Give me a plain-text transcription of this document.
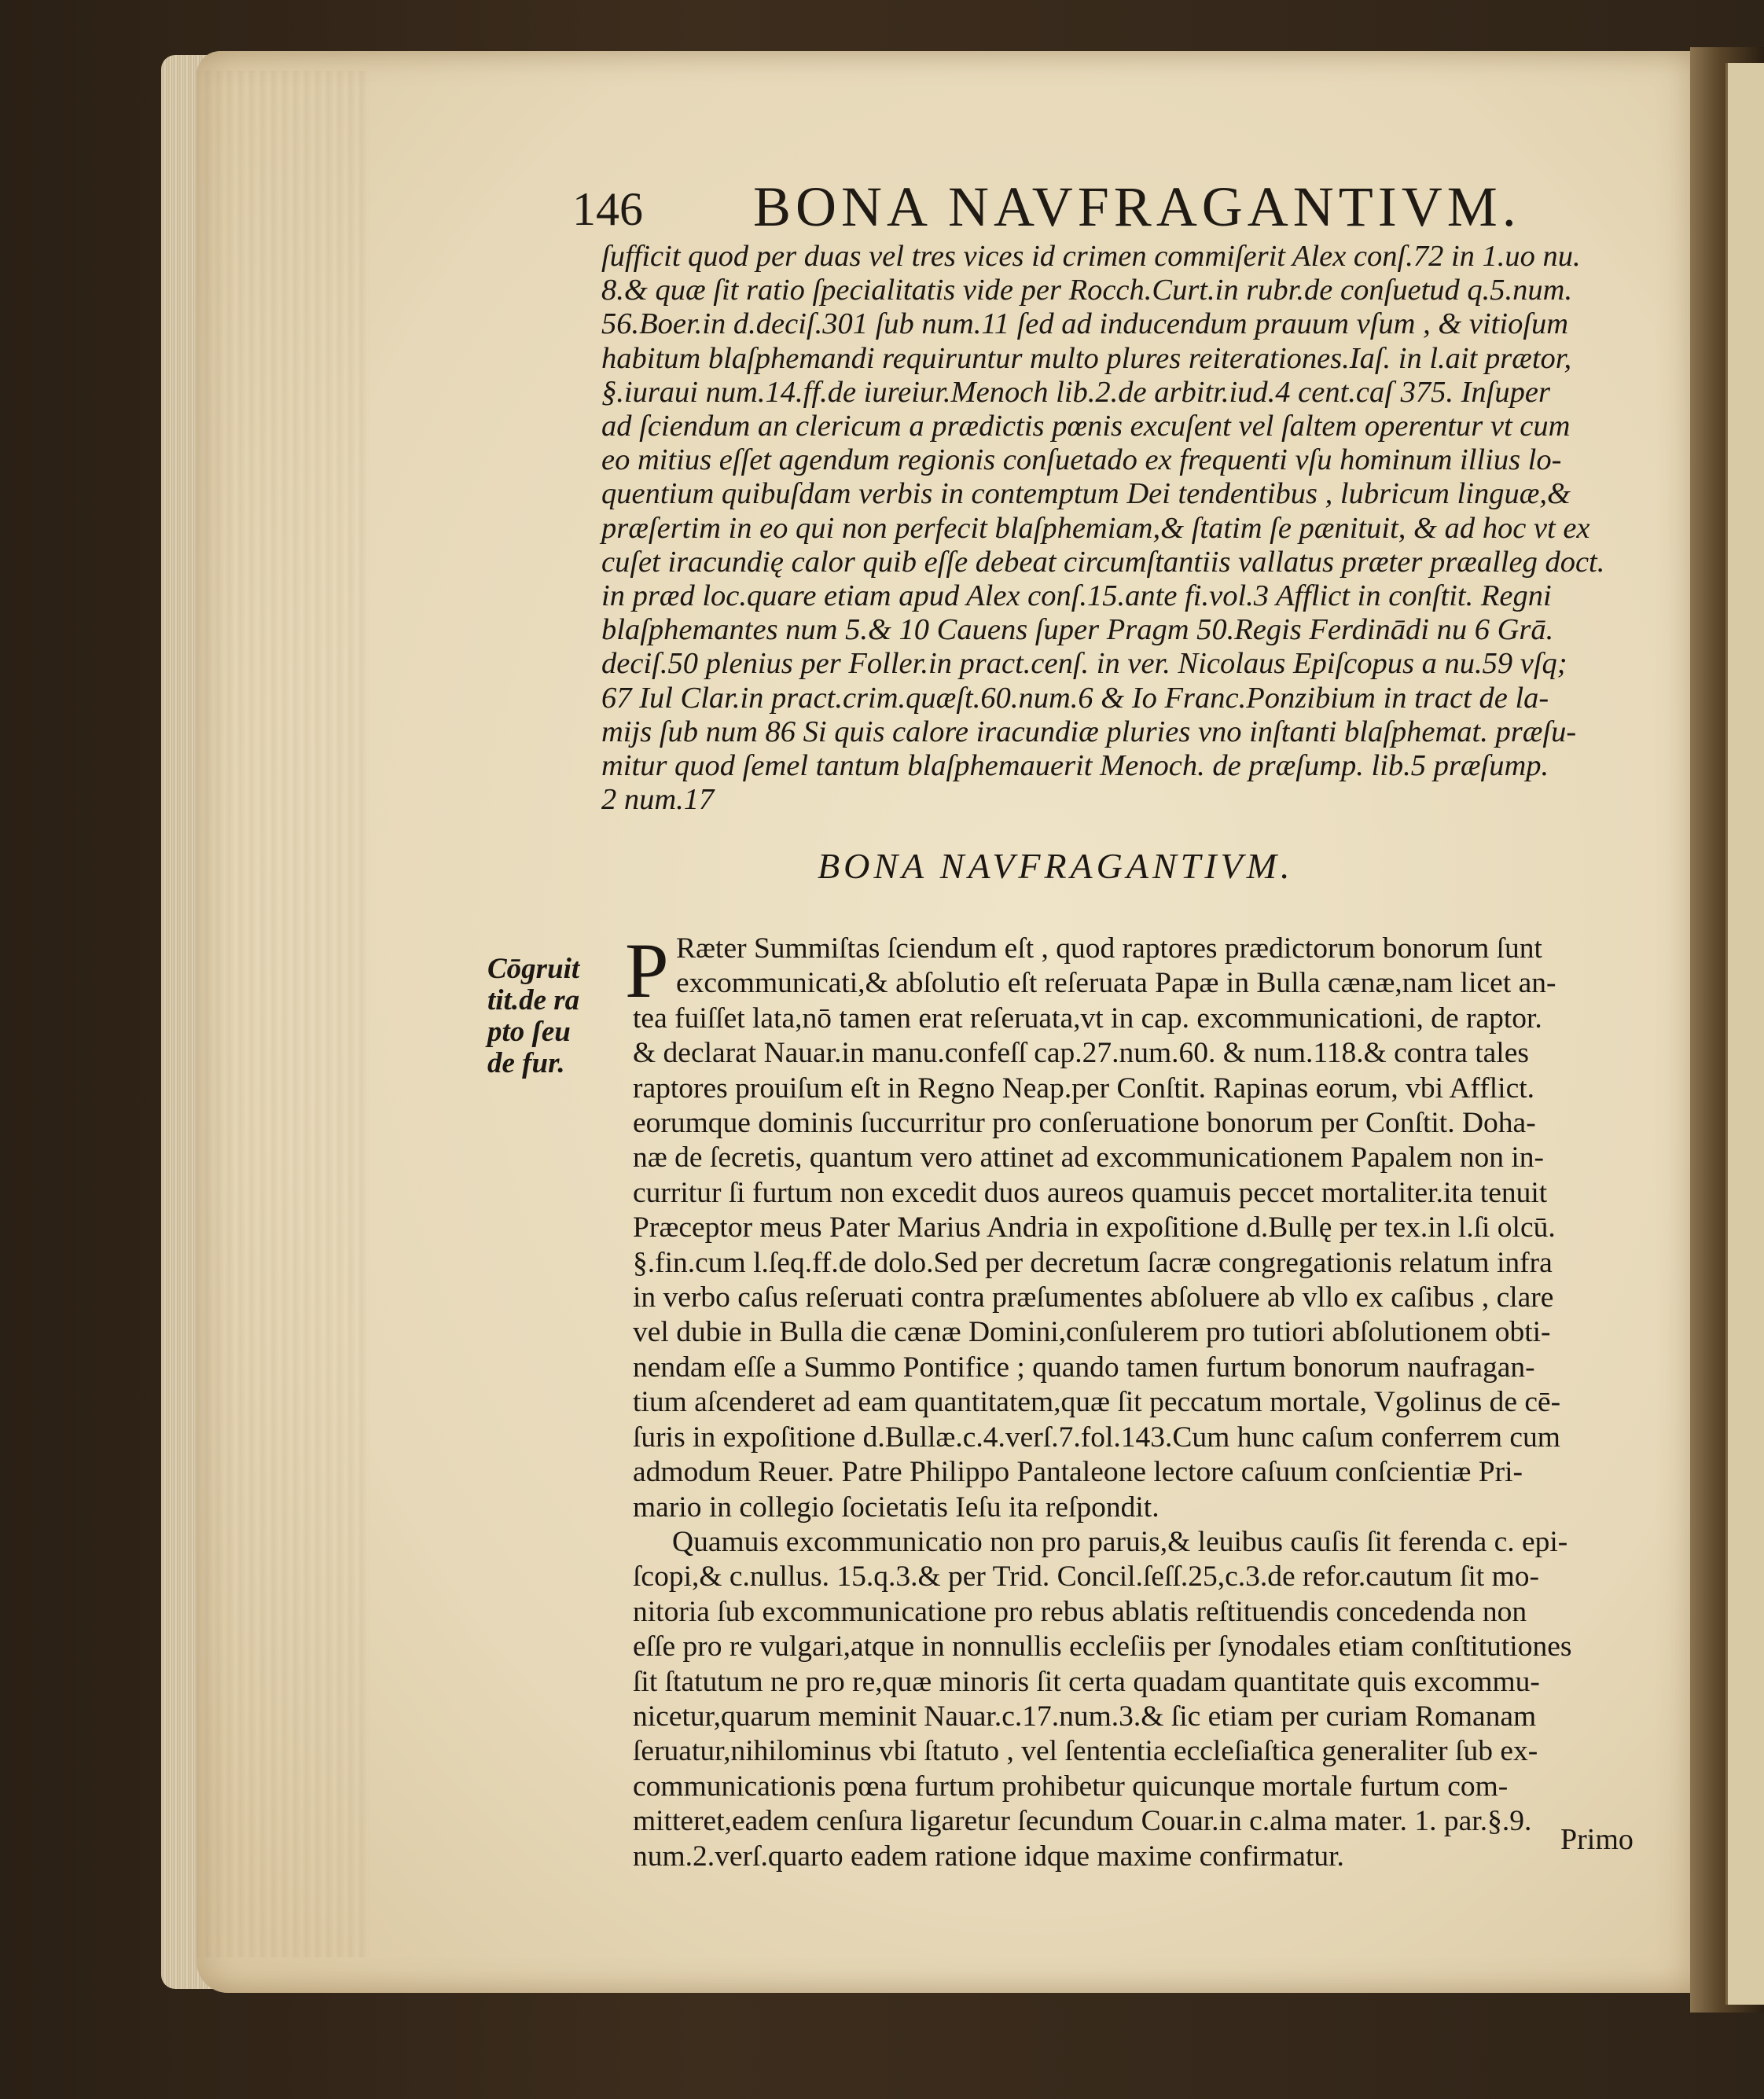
146 BONA NAVFRAGANTIVM.
ſufficit quod per duas vel tres vices id crimen commiſerit Alex conſ.72 in 1.uo nu.
8.& quæ ſit ratio ſpecialitatis vide per Rocch.Curt.in rubr.de conſuetud q.5.num.
56.Boer.in d.deciſ.301 ſub num.11 ſed ad inducendum prauum vſum , & vitioſum
habitum blaſphemandi requiruntur multo plures reiterationes.Iaſ. in l.ait prætor,
§.iuraui num.14.ff.de iureiur.Menoch lib.2.de arbitr.iud.4 cent.caſ 375. Inſuper
ad ſciendum an clericum a prædictis pœnis excuſent vel ſaltem operentur vt cum
eo mitius eſſet agendum regionis conſuetado ex frequenti vſu hominum illius lo-
quentium quibuſdam verbis in contemptum Dei tendentibus , lubricum linguæ,&
præſertim in eo qui non perfecit blaſphemiam,& ſtatim ſe pænituit, & ad hoc vt ex
cuſet iracundię calor quib eſſe debeat circumſtantiis vallatus præter præalleg doct.
in præd loc.quare etiam apud Alex conſ.15.ante fi.vol.3 Afflict in conſtit. Regni
blaſphemantes num 5.& 10 Cauens ſuper Pragm 50.Regis Ferdinādi nu 6 Grā.
deciſ.50 plenius per Foller.in pract.cenſ. in ver. Nicolaus Epiſcopus a nu.59 vſq;
67 Iul Clar.in pract.crim.quæſt.60.num.6 & Io Franc.Ponzibium in tract de la-
mijs ſub num 86 Si quis calore iracundiæ pluries vno inſtanti blaſphemat. præſu-
mitur quod ſemel tantum blaſphemauerit Menoch. de præſump. lib.5 præſump.
2 num.17
BONA NAVFRAGANTIVM.
Cōgruit
tit.de ra
pto ſeu
de fur.
P Ræter Summiſtas ſciendum eſt , quod raptores prædictorum bonorum ſunt
excommunicati,& abſolutio eſt reſeruata Papæ in Bulla cænæ,nam licet an-
tea fuiſſet lata,nō tamen erat reſeruata,vt in cap. excommunicationi, de raptor.
& declarat Nauar.in manu.confeſſ cap.27.num.60. & num.118.& contra tales
raptores prouiſum eſt in Regno Neap.per Conſtit. Rapinas eorum, vbi Afflict.
eorumque dominis ſuccurritur pro conſeruatione bonorum per Conſtit. Doha-
næ de ſecretis, quantum vero attinet ad excommunicationem Papalem non in-
curritur ſi furtum non excedit duos aureos quamuis peccet mortaliter.ita tenuit
Præceptor meus Pater Marius Andria in expoſitione d.Bullę per tex.in l.ſi olcū.
§.fin.cum l.ſeq.ff.de dolo.Sed per decretum ſacræ congregationis relatum infra
in verbo caſus reſeruati contra præſumentes abſoluere ab vllo ex caſibus , clare
vel dubie in Bulla die cænæ Domini,conſulerem pro tutiori abſolutionem obti-
nendam eſſe a Summo Pontifice ; quando tamen furtum bonorum naufragan-
tium aſcenderet ad eam quantitatem,quæ ſit peccatum mortale, Vgolinus de cē-
ſuris in expoſitione d.Bullæ.c.4.verſ.7.fol.143.Cum hunc caſum conferrem cum
admodum Reuer. Patre Philippo Pantaleone lectore caſuum conſcientiæ Pri-
mario in collegio ſocietatis Ieſu ita reſpondit.
Quamuis excommunicatio non pro paruis,& leuibus cauſis ſit ferenda c. epi-
ſcopi,& c.nullus. 15.q.3.& per Trid. Concil.ſeſſ.25,c.3.de refor.cautum ſit mo-
nitoria ſub excommunicatione pro rebus ablatis reſtituendis concedenda non
eſſe pro re vulgari,atque in nonnullis eccleſiis per ſynodales etiam conſtitutiones
ſit ſtatutum ne pro re,quæ minoris ſit certa quadam quantitate quis excommu-
nicetur,quarum meminit Nauar.c.17.num.3.& ſic etiam per curiam Romanam
ſeruatur,nihilominus vbi ſtatuto , vel ſententia eccleſiaſtica generaliter ſub ex-
communicationis pœna furtum prohibetur quicunque mortale furtum com-
mitteret,eadem cenſura ligaretur ſecundum Couar.in c.alma mater. 1. par.§.9.
num.2.verſ.quarto eadem ratione idque maxime confirmatur.
Primo
